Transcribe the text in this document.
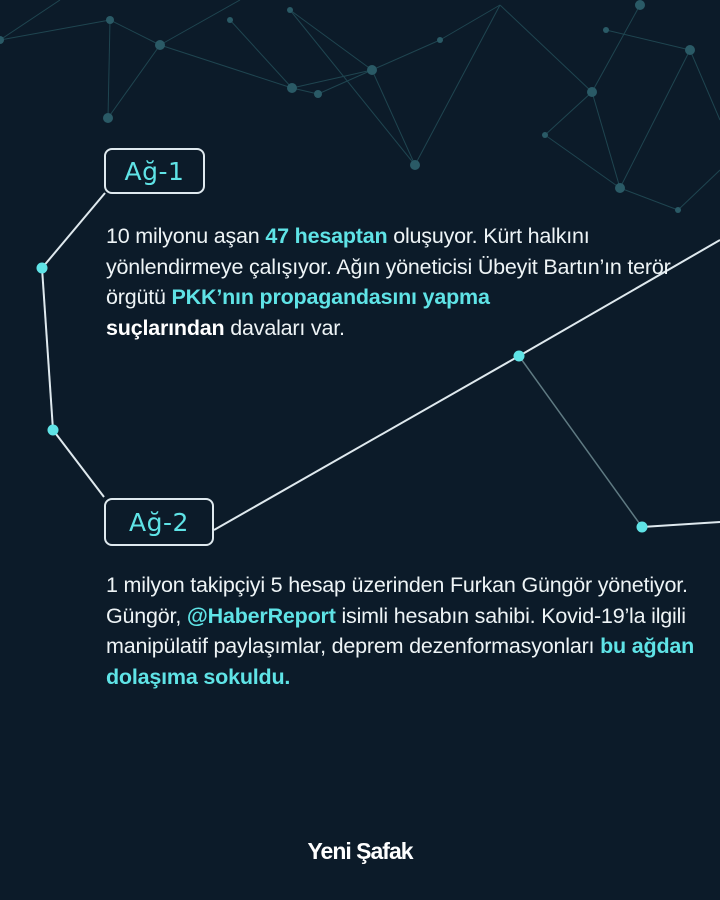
Ağ-1

10 milyonu aşan 47 hesaptan oluşuyor. Kürt halkını yönlendirmeye çalışıyor. Ağın yöneticisi Übeyit Bartın’ın terör örgütü PKK’nın propagandasını yapma
suçlarından davaları var.

Ağ-2

1 milyon takipçiyi 5 hesap üzerinden Furkan Güngör yönetiyor. Güngör, @HaberReport isimli hesabın sahibi. Kovid-19’la ilgili manipülatif paylaşımlar, deprem dezenformasyonları bu ağdan dolaşıma sokuldu.

Yeni Şafak
